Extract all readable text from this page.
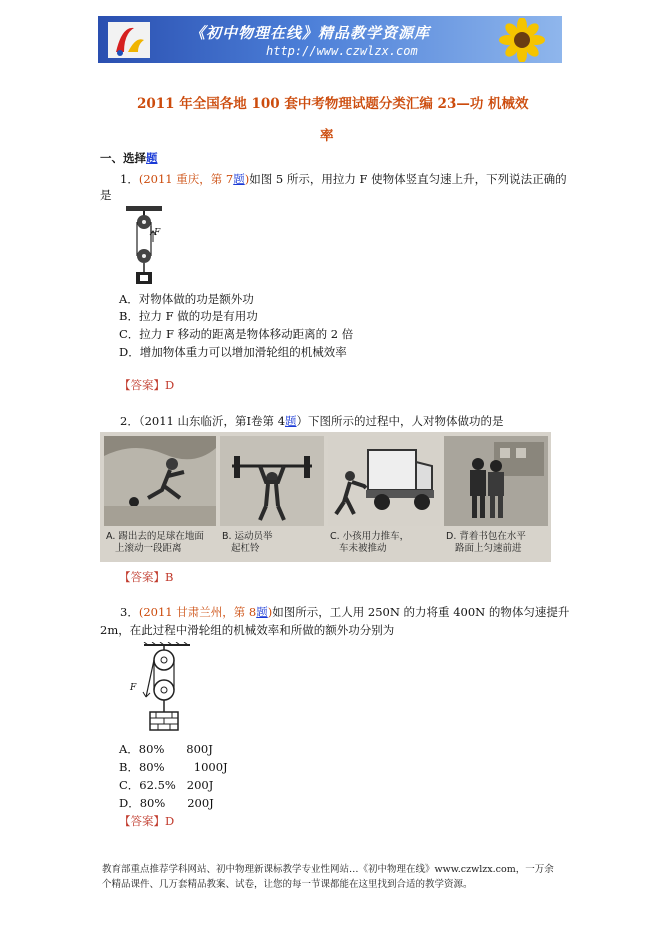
《初中物理在线》精品教学资源库
http://www.czwlzx.com
2011 年全国各地 100 套中考物理试题分类汇编 23—功 机械效
率
一、选择题
1．(2011 重庆，第 7题)如图 5 所示，用拉力 F 使物体竖直匀速上升，下列说法正确的
是
F
A．对物体做的功是额外功
B．拉力 F 做的功是有用功
C．拉力 F 移动的距离是物体移动距离的 2 倍
D．增加物体重力可以增加滑轮组的机械效率
【答案】D
2．（2011 山东临沂，第Ⅰ卷第 4题）下图所示的过程中，人对物体做功的是
A. 踢出去的足球在地面
上滚动一段距离
B. 运动员举
起杠铃
C. 小孩用力推车，
车未被推动
D. 背着书包在水平
路面上匀速前进
【答案】B
3．(2011 甘肃兰州，第 8题)如图所示，工人用 250N 的力将重 400N 的物体匀速提升
2m，在此过程中滑轮组的机械效率和所做的额外功分别为
F
A．80%      800J
B．80%        1000J
C．62.5%   200J
D．80%      200J
【答案】D
教育部重点推荐学科网站、初中物理新课标教学专业性网站…《初中物理在线》www.czwlzx.com，一万余
个精品课件、几万套精品教案、试卷，让您的每一节课都能在这里找到合适的教学资源。
